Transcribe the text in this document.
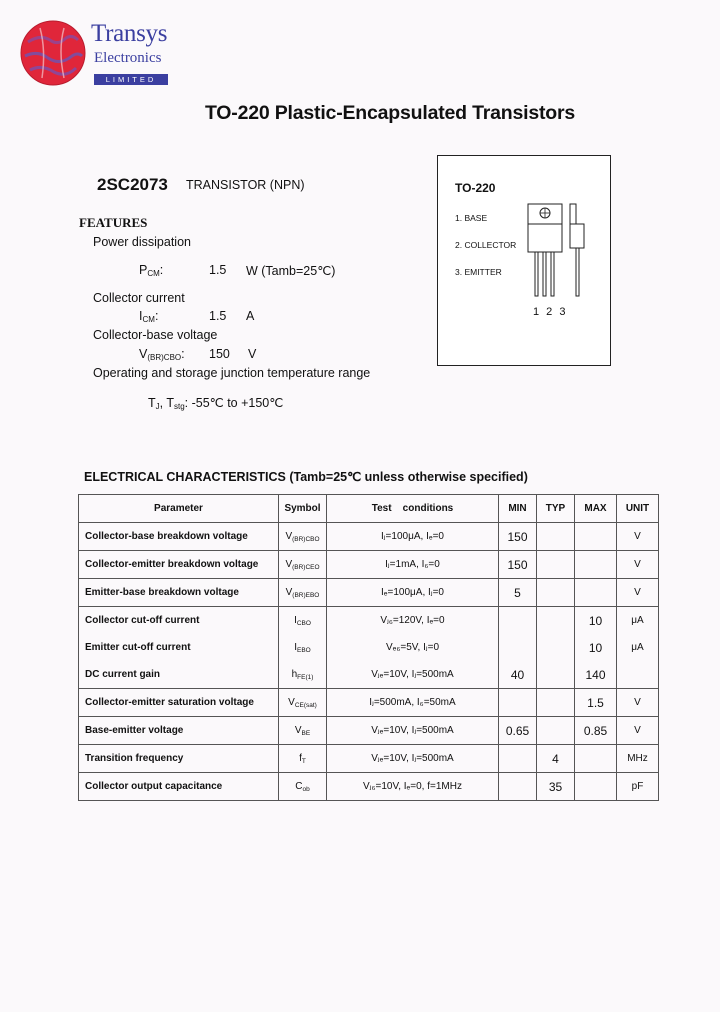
Transys
Electronics
LIMITED
TO-220 Plastic-Encapsulated Transistors
2SC2073 TRANSISTOR (NPN)
FEATURES
Power dissipation
$P_{CM}$:	1.5 W (Tamb=25℃)
Collector current
$I_{CM}$:	1.5 A
Collector-base voltage
$V_{(BR)CBO}$: 150 V
Operating and storage junction temperature range
$T_J$, $T_{stg}$: -55℃ to +150℃
TO-220
1. BASE
2. COLLECTOR
3. EMITTER
1 2 3
ELECTRICAL CHARACTERISTICS (Tamb=25℃ unless otherwise specified)
Parameter	Symbol	Test    conditions	MIN	TYP	MAX	UNIT
Collector-base breakdown voltage	$V_{(BR)CBO}$	Iⱼ=100μA, Iₑ=0	150			V
Collector-emitter breakdown voltage	$V_{(BR)CEO}$	Iⱼ=1mA, I₆=0	150			V
Emitter-base breakdown voltage	$V_{(BR)EBO}$	Iₑ=100μA, Iⱼ=0	5			V
Collector cut-off current	$I_{CBO}$	Vⱼ₆=120V, Iₑ=0			10	μA
Emitter cut-off current	$I_{EBO}$	Vₑ₆=5V, Iⱼ=0			10	μA
DC current gain	$h_{FE(1)}$	Vⱼₑ=10V, Iⱼ=500mA	40		140	
Collector-emitter saturation voltage	$V_{CE(sat)}$	Iⱼ=500mA, I₆=50mA			1.5	V
Base-emitter voltage	$V_{BE}$	Vⱼₑ=10V, Iⱼ=500mA	0.65		0.85	V
Transition frequency	$f_T$	Vⱼₑ=10V, Iⱼ=500mA		4		MHz
Collector output capacitance	$C_{ob}$	Vⱼ₆=10V, Iₑ=0, f=1MHz		35		pF
